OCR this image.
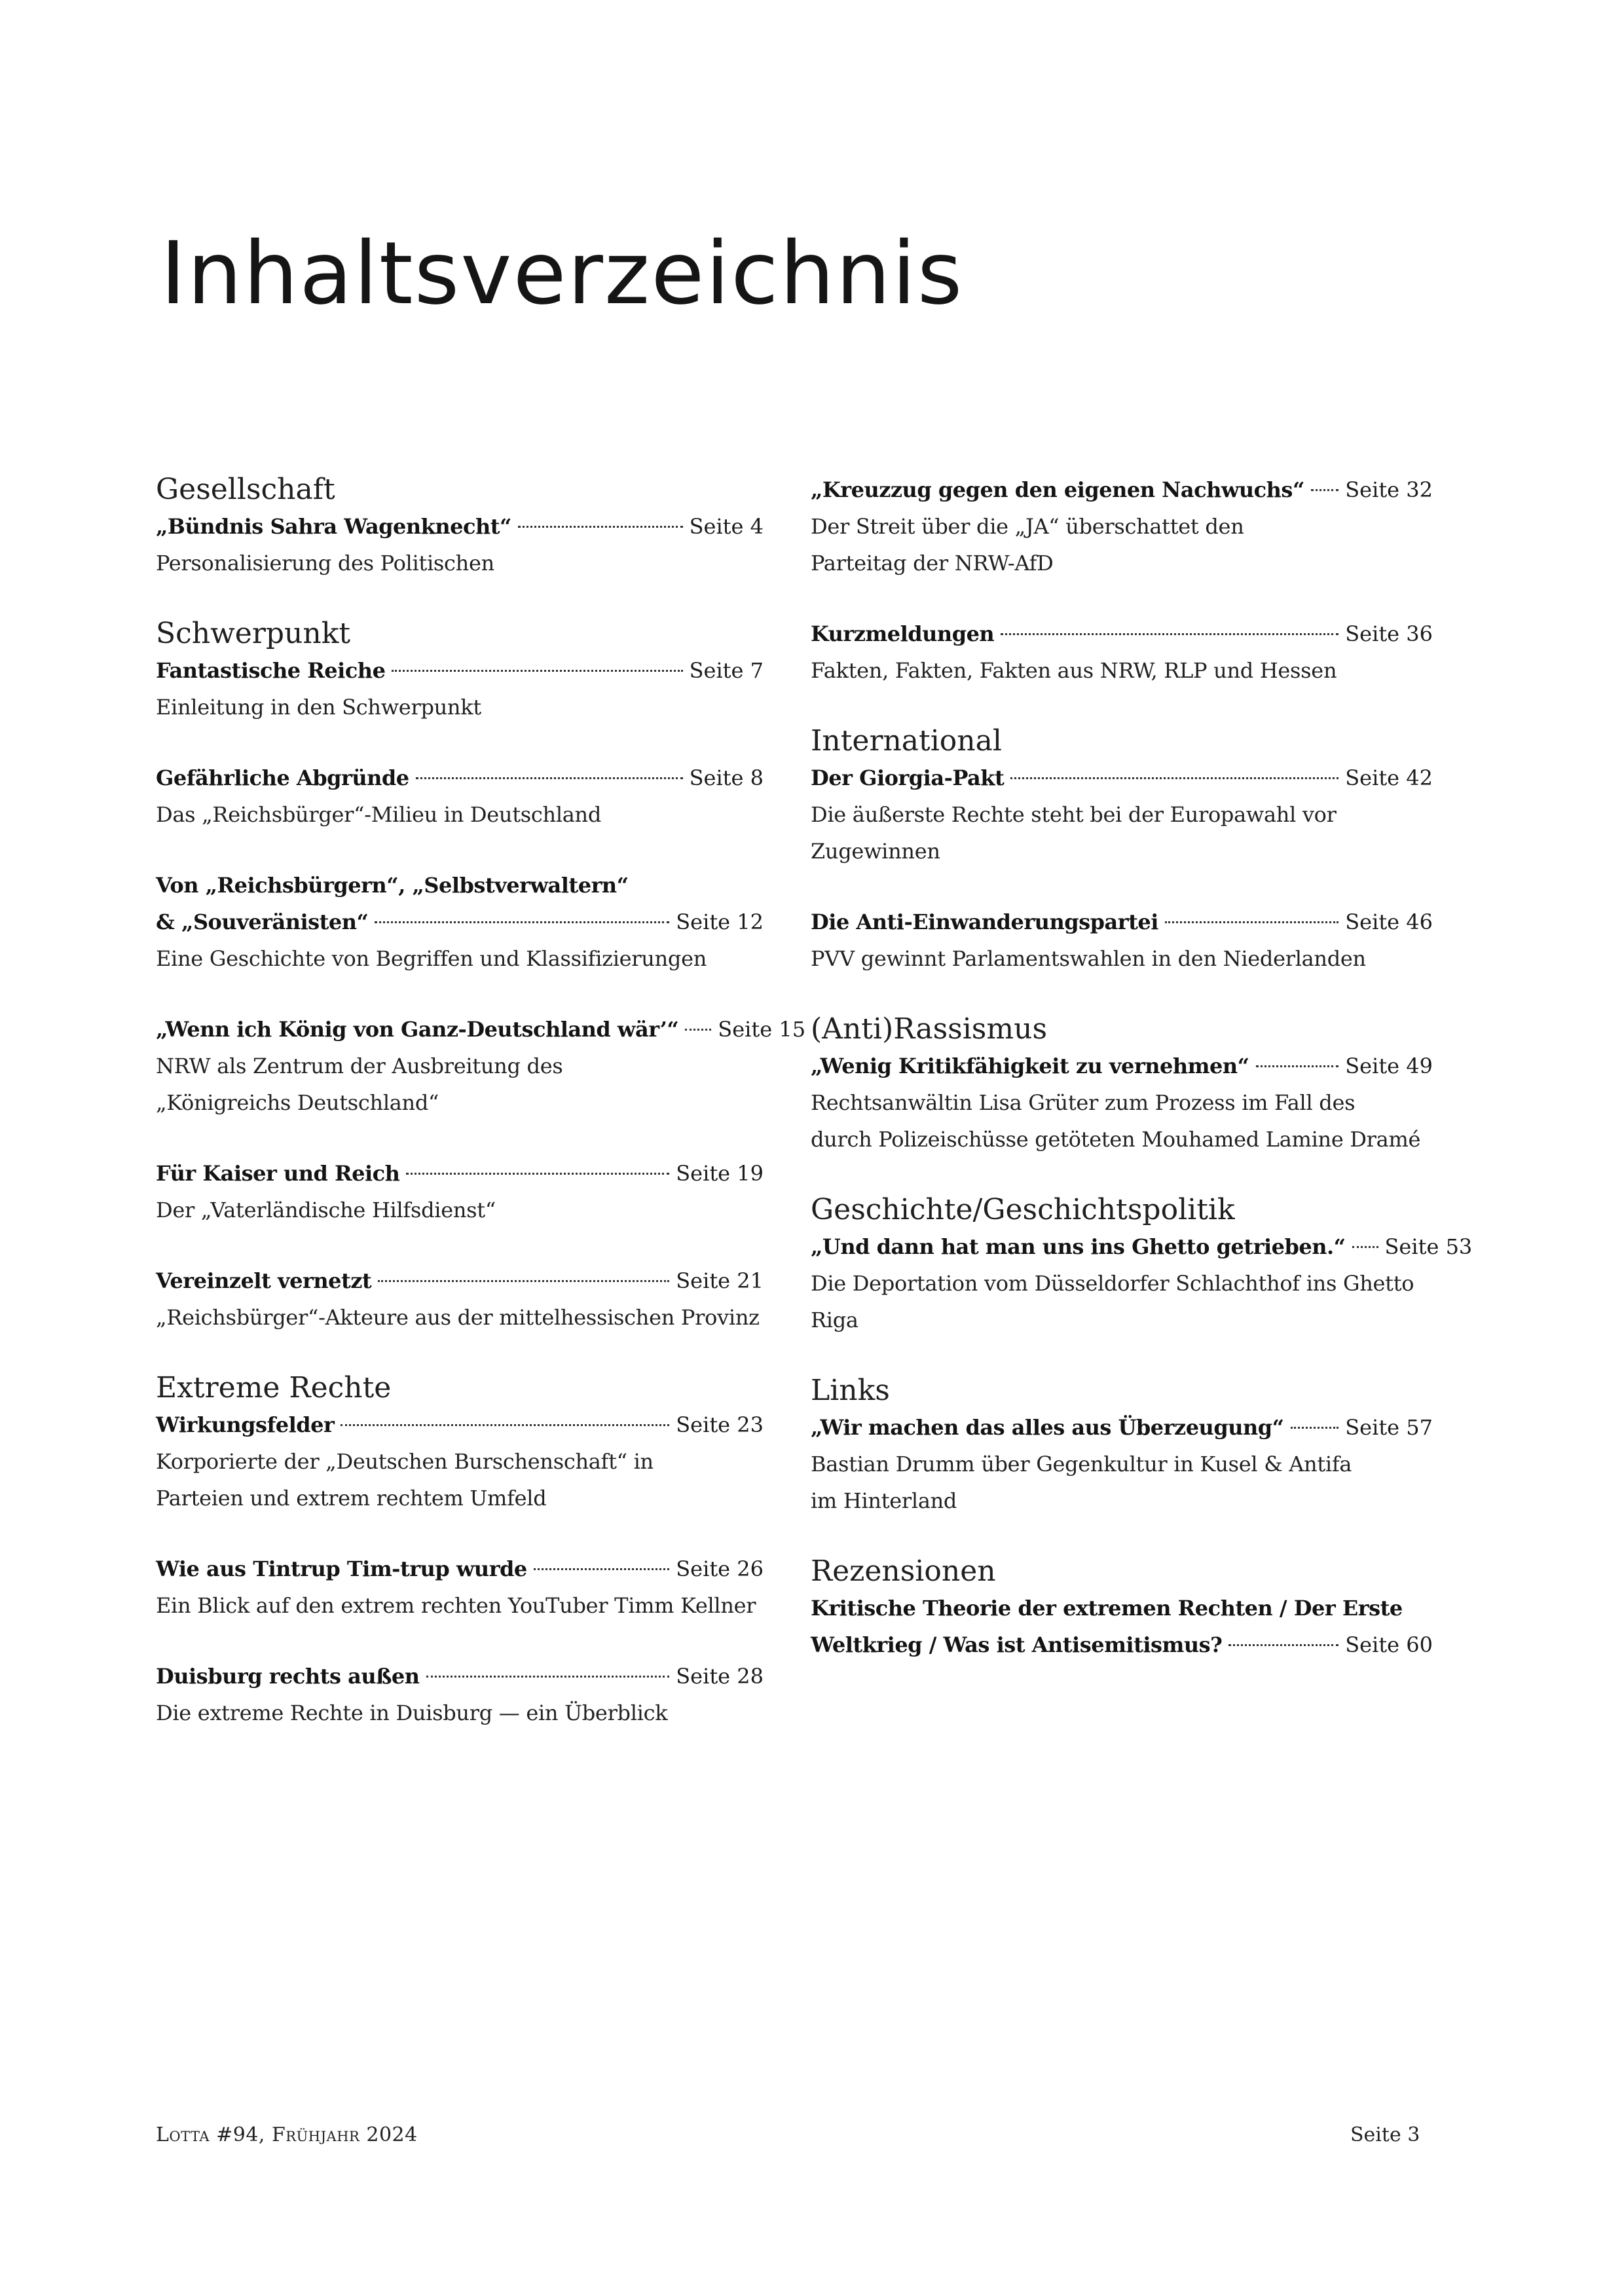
Inhaltsverzeichnis
Gesellschaft
„Bündnis Sahra Wagenknecht“	Seite 4

Personalisierung des Politischen

Schwerpunkt
Fantastische Reiche	Seite 7

Einleitung in den Schwerpunkt

Gefährliche Abgründe	Seite 8

Das „Reichsbürger“-Milieu in Deutschland

Von „Reichsbürgern“, „Selbstverwaltern“
& „Souveränisten“	Seite 12

Eine Geschichte von Begriffen und Klassifizierungen

„Wenn ich König von Ganz-Deutschland wär’“ Seite 15

NRW als Zentrum der Ausbreitung des

„Königreichs Deutschland“

Für Kaiser und Reich	Seite 19

Der „Vaterländische Hilfsdienst“

Vereinzelt vernetzt	Seite 21

„Reichsbürger“-Akteure aus der mittelhessischen Provinz

Extreme Rechte
Wirkungsfelder	Seite 23

Korporierte der „Deutschen Burschenschaft“ in

Parteien und extrem rechtem Umfeld

Wie aus Tintrup Tim-trup wurde	Seite 26

Ein Blick auf den extrem rechten YouTuber Timm Kellner

Duisburg rechts außen	Seite 28

Die extreme Rechte in Duisburg — ein Überblick

„Kreuzzug gegen den eigenen Nachwuchs“ Seite 32

Der Streit über die „JA“ überschattet den

Parteitag der NRW-AfD

Kurzmeldungen	Seite 36

Fakten, Fakten, Fakten aus NRW, RLP und Hessen

International
Der Giorgia-Pakt	Seite 42

Die äußerste Rechte steht bei der Europawahl vor Zugewinnen

Die Anti-Einwanderungspartei	Seite 46

PVV gewinnt Parlamentswahlen in den Niederlanden

(Anti)Rassismus
„Wenig Kritikfähigkeit zu vernehmen“	Seite 49

Rechtsanwältin Lisa Grüter zum Prozess im Fall des

durch Polizeischüsse getöteten Mouhamed Lamine Dramé

Geschichte/Geschichtspolitik
„Und dann hat man uns ins Ghetto getrieben.“ Seite 53

Die Deportation vom Düsseldorfer Schlachthof ins Ghetto Riga

Links
„Wir machen das alles aus Überzeugung“	Seite 57

Bastian Drumm über Gegenkultur in Kusel & Antifa

im Hinterland

Rezensionen
Kritische Theorie der extremen Rechten / Der Erste
Weltkrieg / Was ist Antisemitismus?	Seite 60
Lotta #94, Frühjahr 2024	Seite 3
